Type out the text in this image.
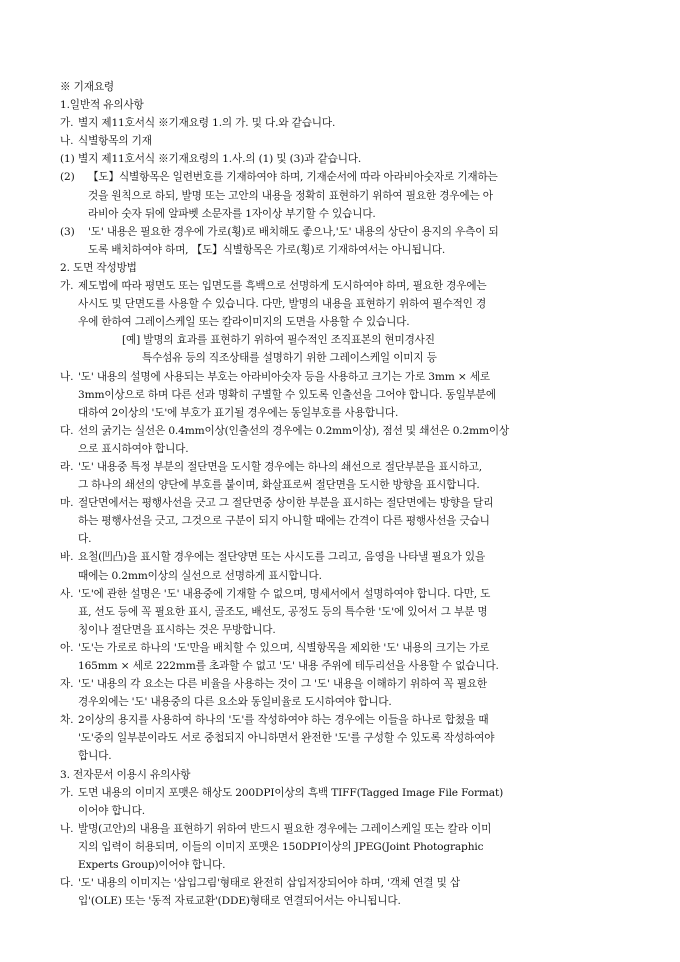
※ 기재요령
1.일반적 유의사항
가. 별지 제11호서식 ※기재요령 1.의 가. 및 다.와 같습니다.
나. 식별항목의 기재
(1) 별지 제11호서식 ※기재요령의 1.사.의 (1) 및 (3)과 같습니다.
(2)	【도】식별항목은 일련번호를 기재하여야 하며, 기재순서에 따라 아라비아숫자로 기재하는
것을 원칙으로 하되, 발명 또는 고안의 내용을 정확히 표현하기 위하여 필요한 경우에는 아
라비아 숫자 뒤에 알파벳 소문자를 1자이상 부기할 수 있습니다.
(3)	'도' 내용은 필요한 경우에 가로(횡)로 배치해도 좋으나,'도' 내용의 상단이 용지의 우측이 되
도록 배치하여야 하며, 【도】식별항목은 가로(횡)로 기재하여서는 아니됩니다.
2. 도면 작성방법
가. 제도법에 따라 평면도 또는 입면도를 흑백으로 선명하게 도시하여야 하며, 필요한 경우에는
사시도 및 단면도를 사용할 수 있습니다. 다만, 발명의 내용을 표현하기 위하여 필수적인 경
우에 한하여 그레이스케일 또는 칼라이미지의 도면을 사용할 수 있습니다.
[예] 발명의 효과를 표현하기 위하여 필수적인 조직표본의 현미경사진
특수섬유 등의 직조상태를 설명하기 위한 그레이스케일 이미지 등
나. '도' 내용의 설명에 사용되는 부호는 아라비아숫자 등을 사용하고 크기는 가로 3mm × 세로
3mm이상으로 하며 다른 선과 명확히 구별할 수 있도록 인출선을 그어야 합니다. 동일부분에
대하여 2이상의 '도'에 부호가 표기될 경우에는 동일부호를 사용합니다.
다. 선의 굵기는 실선은 0.4mm이상(인출선의 경우에는 0.2mm이상), 점선 및 쇄선은 0.2mm이상
으로 표시하여야 합니다.
라. '도' 내용중 특정 부분의 절단면을 도시할 경우에는 하나의 쇄선으로 절단부분을 표시하고,
그 하나의 쇄선의 양단에 부호를 붙이며, 화살표로써 절단면을 도시한 방향을 표시합니다.
마. 절단면에서는 평행사선을 긋고 그 절단면중 상이한 부분을 표시하는 절단면에는 방향을 달리
하는 평행사선을 긋고, 그것으로 구분이 되지 아니할 때에는 간격이 다른 평행사선을 긋습니
다.
바. 요철(凹凸)을 표시할 경우에는 절단양면 또는 사시도를 그리고, 음영을 나타낼 필요가 있을
때에는 0.2mm이상의 실선으로 선명하게 표시합니다.
사. '도'에 관한 설명은 '도' 내용중에 기재할 수 없으며, 명세서에서 설명하여야 합니다. 다만, 도
표, 선도 등에 꼭 필요한 표시, 골조도, 배선도, 공정도 등의 특수한 '도'에 있어서 그 부분 명
칭이나 절단면을 표시하는 것은 무방합니다.
아. '도'는 가로로 하나의 '도'만을 배치할 수 있으며, 식별항목을 제외한 '도' 내용의 크기는 가로
165mm × 세로 222mm를 초과할 수 없고 '도' 내용 주위에 테두리선을 사용할 수 없습니다.
자. '도' 내용의 각 요소는 다른 비율을 사용하는 것이 그 '도' 내용을 이해하기 위하여 꼭 필요한
경우외에는 '도' 내용중의 다른 요소와 동일비율로 도시하여야 합니다.
차. 2이상의 용지를 사용하여 하나의 '도'를 작성하여야 하는 경우에는 이들을 하나로 합쳤을 때
'도'중의 일부분이라도 서로 중첩되지 아니하면서 완전한 '도'를 구성할 수 있도록 작성하여야
합니다.
3. 전자문서 이용시 유의사항
가. 도면 내용의 이미지 포맷은 해상도 200DPI이상의 흑백 TIFF(Tagged Image File Format)
이어야 합니다.
나. 발명(고안)의 내용을 표현하기 위하여 반드시 필요한 경우에는 그레이스케일 또는 칼라 이미
지의 입력이 허용되며, 이들의 이미지 포맷은 150DPI이상의 JPEG(Joint Photographic
Experts Group)이어야 합니다.
다. '도' 내용의 이미지는 '삽입그림'형태로 완전히 삽입저장되어야 하며, '객체 연결 및 삽
입'(OLE) 또는 '동적 자료교환'(DDE)형태로 연결되어서는 아니됩니다.
